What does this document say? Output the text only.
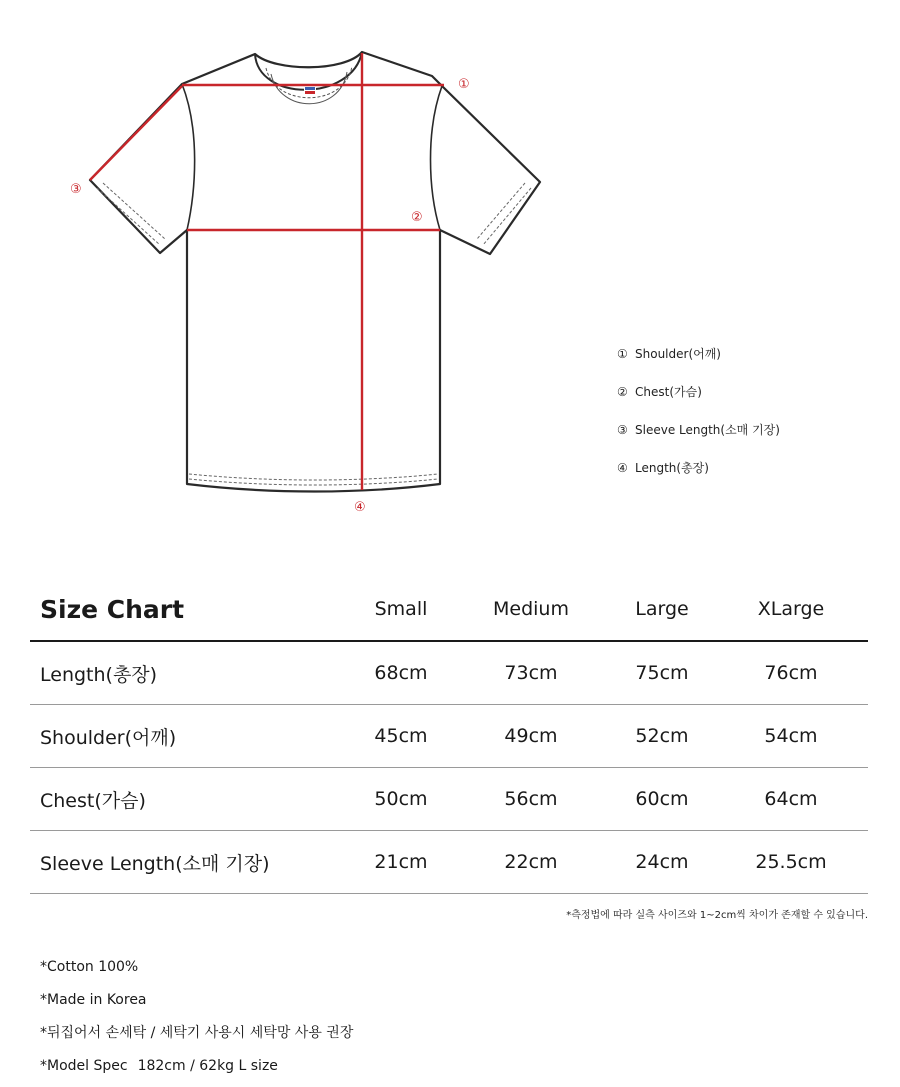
①
②
③
④
① Shoulder(어깨)
② Chest(가슴)
③ Sleeve Length(소매 기장)
④ Length(총장)
Size Chart	Small	Medium	Large	XLarge
Length(총장)	68cm	73cm	75cm	76cm
Shoulder(어깨)	45cm	49cm	52cm	54cm
Chest(가슴)	50cm	56cm	60cm	64cm
Sleeve Length(소매 기장)	21cm	22cm	24cm	25.5cm
*측정법에 따라 실측 사이즈와 1~2cm씩 차이가 존재할 수 있습니다.
*Cotton 100%
*Made in Korea
*뒤집어서 손세탁 / 세탁기 사용시 세탁망 사용 권장
*Model Spec 182cm / 62kg L size
